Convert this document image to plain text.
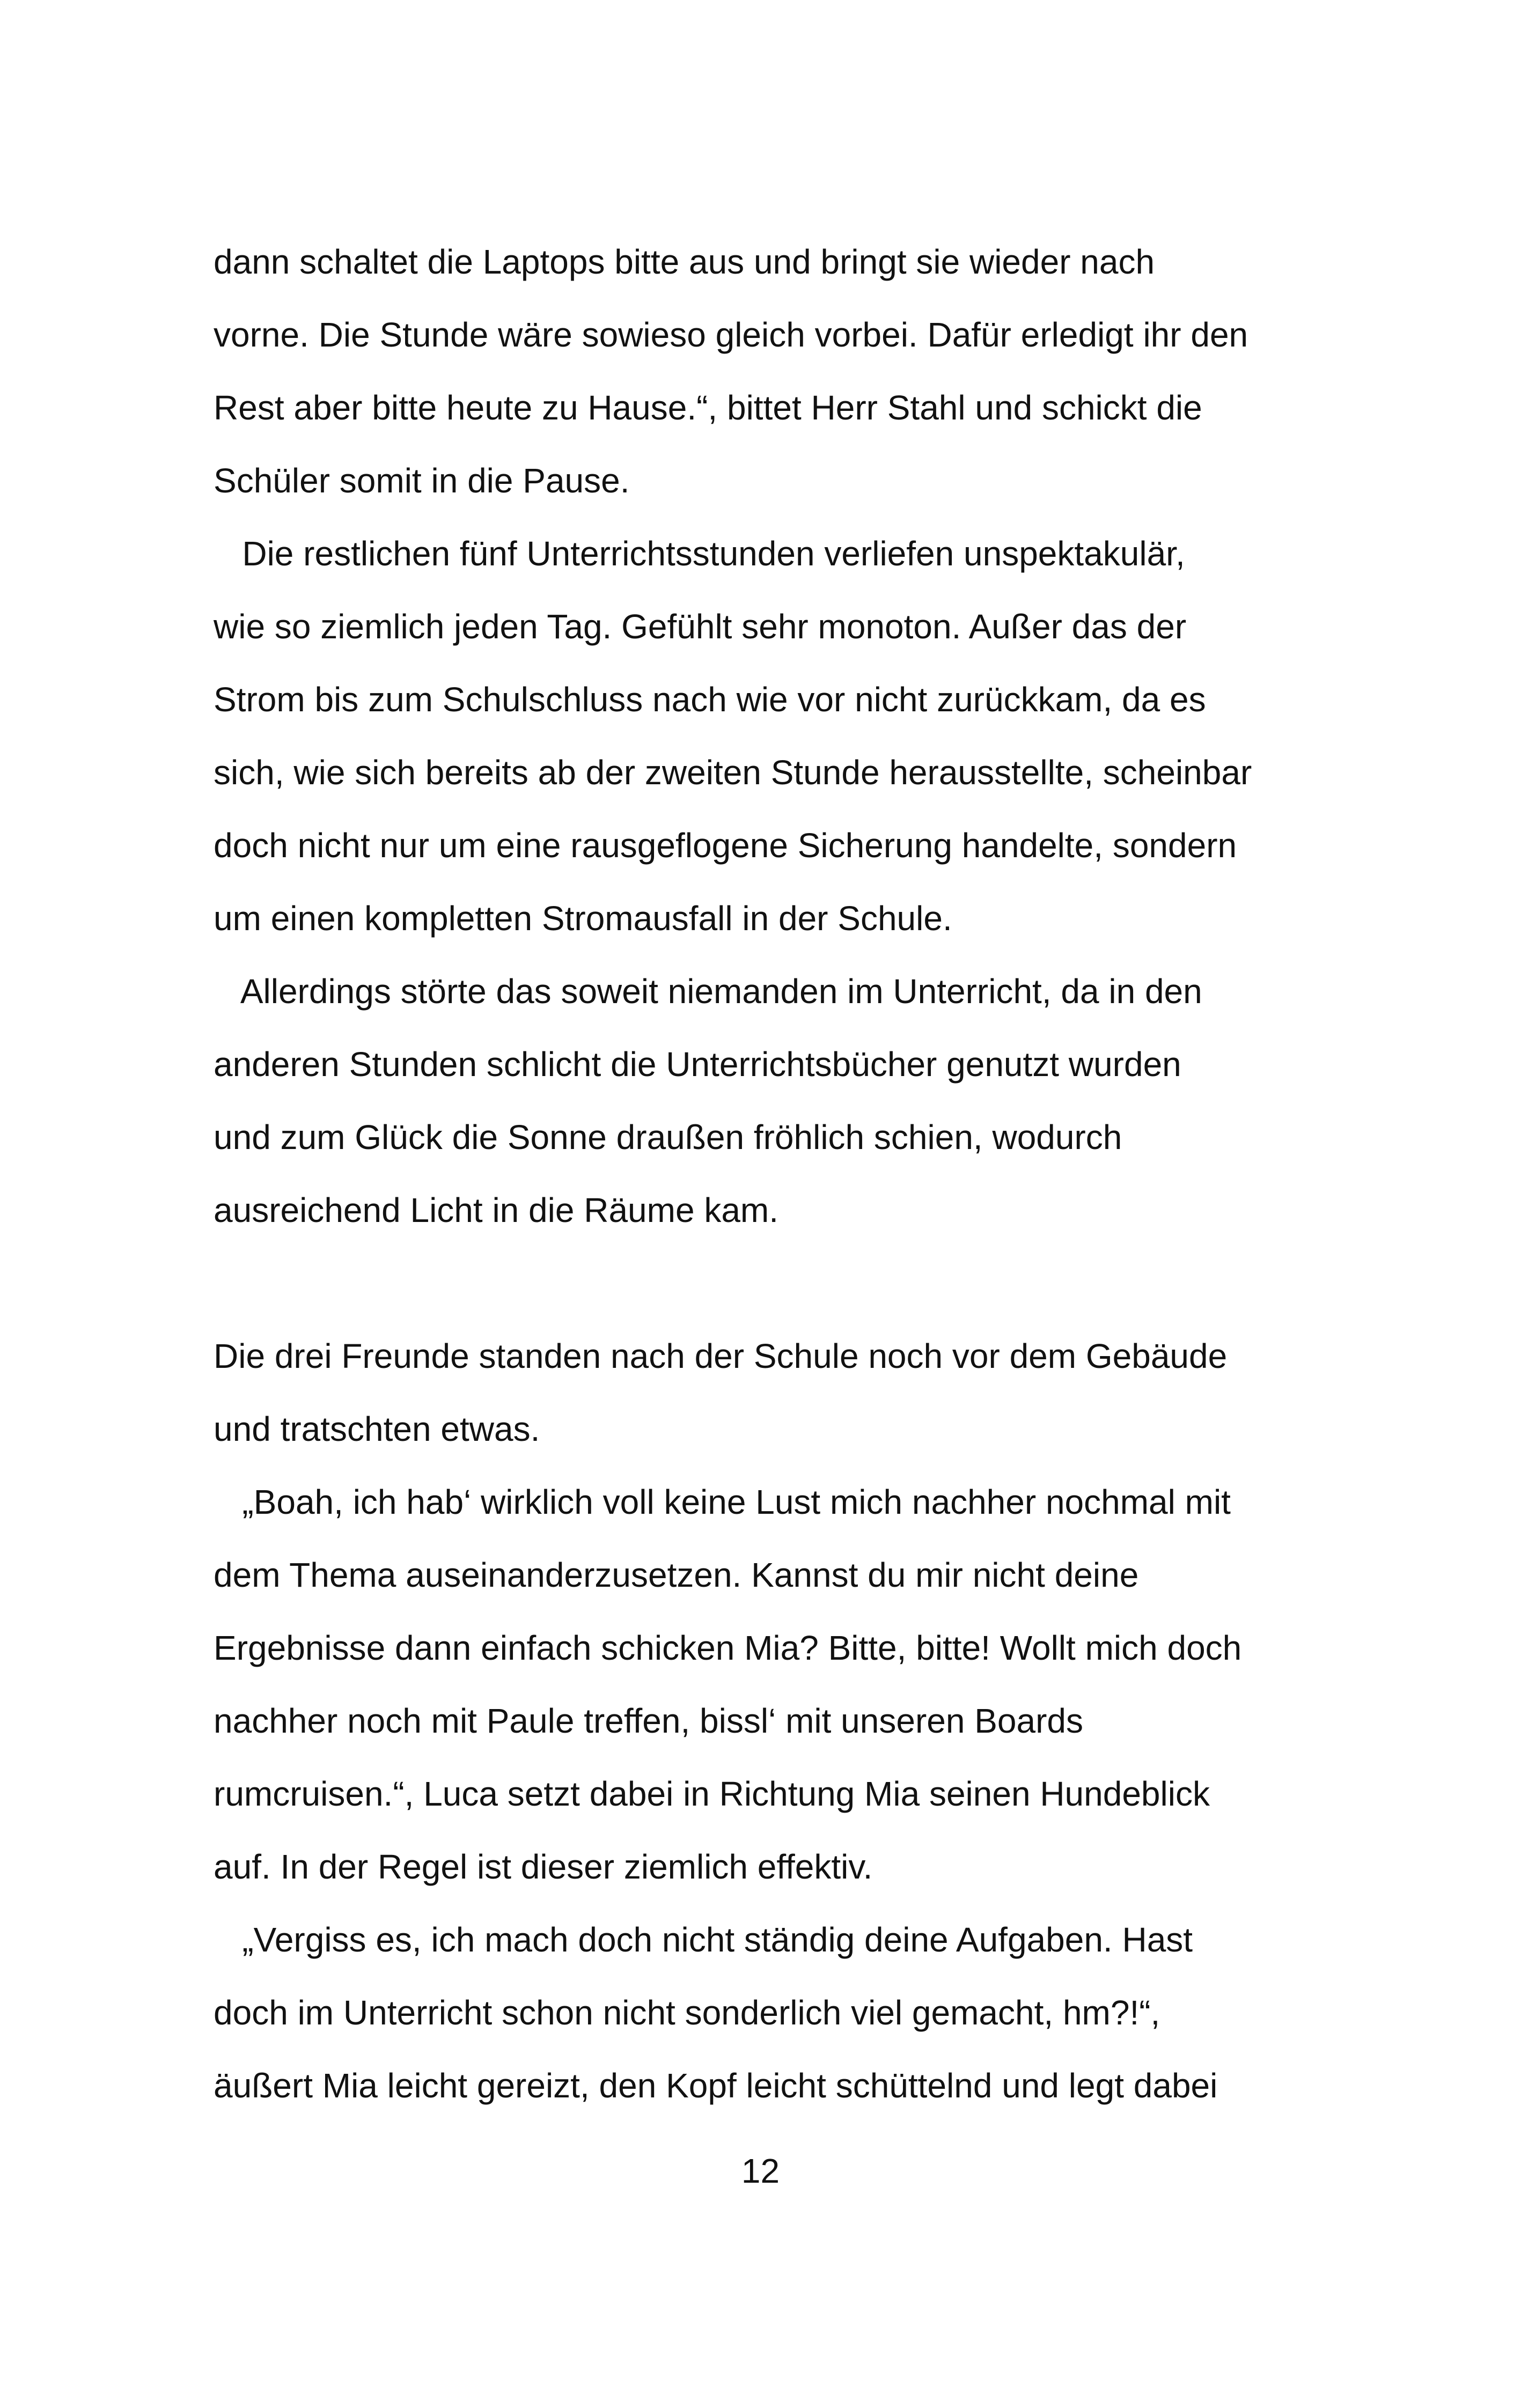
dann schaltet die Laptops bitte aus und bringt sie wieder nach
vorne. Die Stunde wäre sowieso gleich vorbei. Dafür erledigt ihr den
Rest aber bitte heute zu Hause.“, bittet Herr Stahl und schickt die
Schüler somit in die Pause.
Die restlichen fünf Unterrichtsstunden verliefen unspektakulär,
wie so ziemlich jeden Tag. Gefühlt sehr monoton. Außer das der
Strom bis zum Schulschluss nach wie vor nicht zurückkam, da es
sich, wie sich bereits ab der zweiten Stunde herausstellte, scheinbar
doch nicht nur um eine rausgeflogene Sicherung handelte, sondern
um einen kompletten Stromausfall in der Schule.
Allerdings störte das soweit niemanden im Unterricht, da in den
anderen Stunden schlicht die Unterrichtsbücher genutzt wurden
und zum Glück die Sonne draußen fröhlich schien, wodurch
ausreichend Licht in die Räume kam.
Die drei Freunde standen nach der Schule noch vor dem Gebäude
und tratschten etwas.
„Boah, ich hab‘ wirklich voll keine Lust mich nachher nochmal mit
dem Thema auseinanderzusetzen. Kannst du mir nicht deine
Ergebnisse dann einfach schicken Mia? Bitte, bitte! Wollt mich doch
nachher noch mit Paule treffen, bissl‘ mit unseren Boards
rumcruisen.“, Luca setzt dabei in Richtung Mia seinen Hundeblick
auf. In der Regel ist dieser ziemlich effektiv.
„Vergiss es, ich mach doch nicht ständig deine Aufgaben. Hast
doch im Unterricht schon nicht sonderlich viel gemacht, hm?!“,
äußert Mia leicht gereizt, den Kopf leicht schüttelnd und legt dabei
12
